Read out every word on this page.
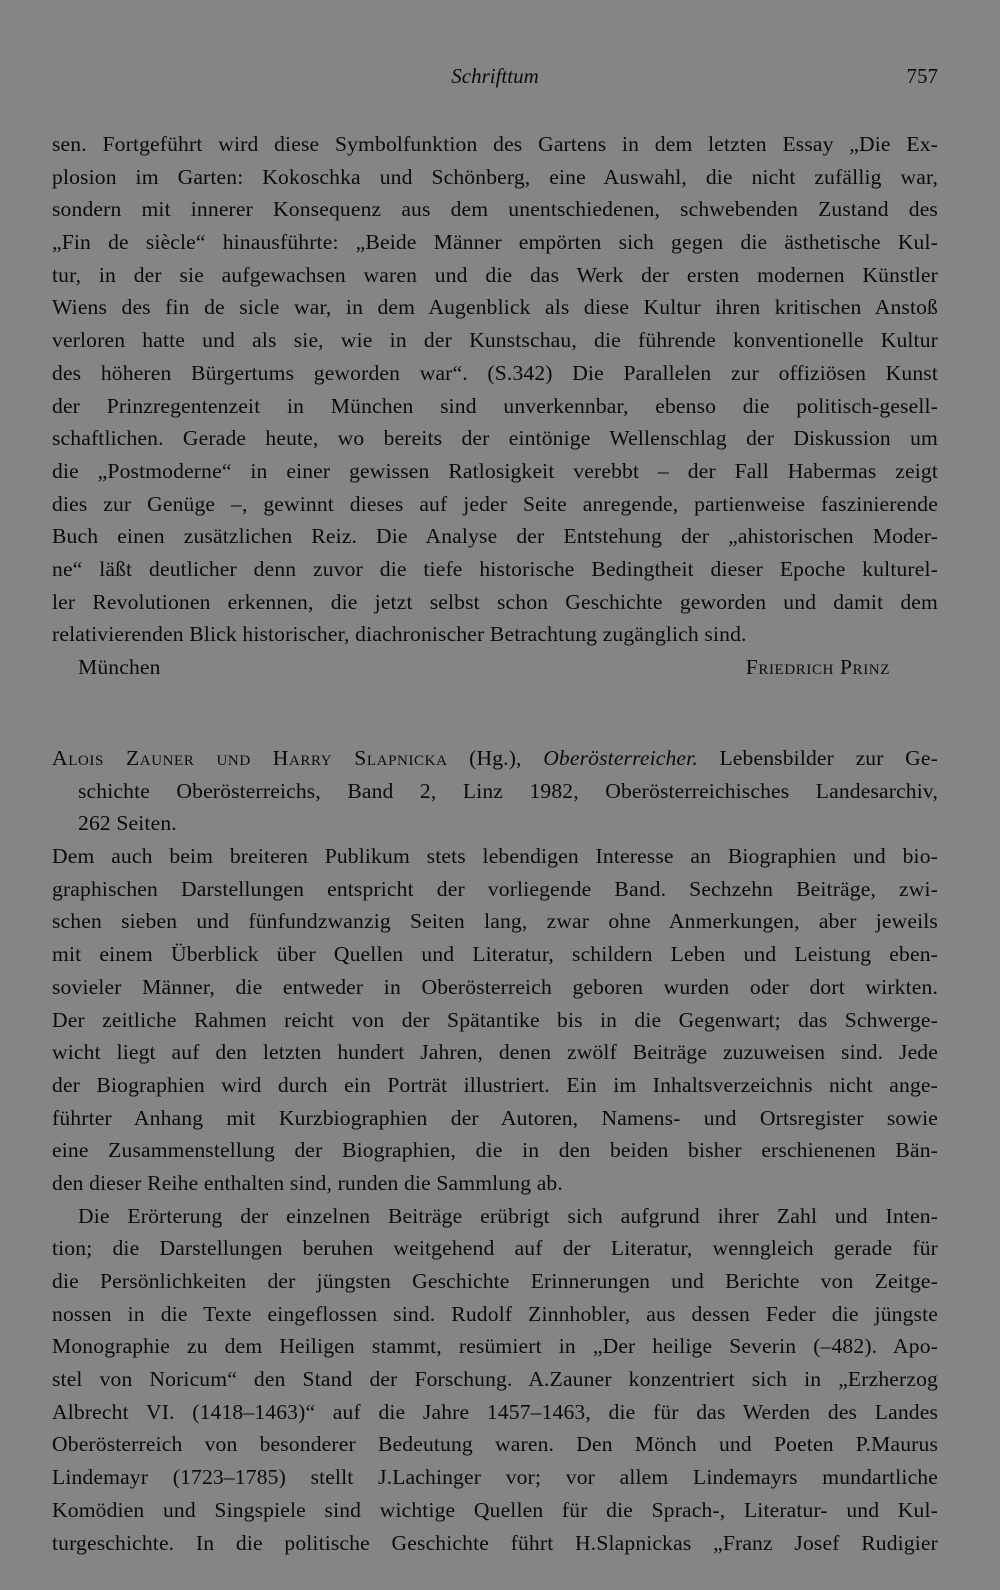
Schrifttum	757
sen. Fortgeführt wird diese Symbolfunktion des Gartens in dem letzten Essay „Die Ex-
plosion im Garten: Kokoschka und Schönberg, eine Auswahl, die nicht zufällig war,
sondern mit innerer Konsequenz aus dem unentschiedenen, schwebenden Zustand des
„Fin de siècle“ hinausführte: „Beide Männer empörten sich gegen die ästhetische Kul-
tur, in der sie aufgewachsen waren und die das Werk der ersten modernen Künstler
Wiens des fin de sicle war, in dem Augenblick als diese Kultur ihren kritischen Anstoß
verloren hatte und als sie, wie in der Kunstschau, die führende konventionelle Kultur
des höheren Bürgertums geworden war“. (S.342) Die Parallelen zur offiziösen Kunst
der Prinzregentenzeit in München sind unverkennbar, ebenso die politisch-gesell-
schaftlichen. Gerade heute, wo bereits der eintönige Wellenschlag der Diskussion um
die „Postmoderne“ in einer gewissen Ratlosigkeit verebbt – der Fall Habermas zeigt
dies zur Genüge –, gewinnt dieses auf jeder Seite anregende, partienweise faszinierende
Buch einen zusätzlichen Reiz. Die Analyse der Entstehung der „ahistorischen Moder-
ne“ läßt deutlicher denn zuvor die tiefe historische Bedingtheit dieser Epoche kulturel-
ler Revolutionen erkennen, die jetzt selbst schon Geschichte geworden und damit dem
relativierenden Blick historischer, diachronischer Betrachtung zugänglich sind.
München	Friedrich Prinz
Alois Zauner und Harry Slapnicka (Hg.), Oberösterreicher. Lebensbilder zur Ge-
schichte Oberösterreichs, Band 2, Linz 1982, Oberösterreichisches Landesarchiv,
262 Seiten.
Dem auch beim breiteren Publikum stets lebendigen Interesse an Biographien und bio-
graphischen Darstellungen entspricht der vorliegende Band. Sechzehn Beiträge, zwi-
schen sieben und fünfundzwanzig Seiten lang, zwar ohne Anmerkungen, aber jeweils
mit einem Überblick über Quellen und Literatur, schildern Leben und Leistung eben-
sovieler Männer, die entweder in Oberösterreich geboren wurden oder dort wirkten.
Der zeitliche Rahmen reicht von der Spätantike bis in die Gegenwart; das Schwerge-
wicht liegt auf den letzten hundert Jahren, denen zwölf Beiträge zuzuweisen sind. Jede
der Biographien wird durch ein Porträt illustriert. Ein im Inhaltsverzeichnis nicht ange-
führter Anhang mit Kurzbiographien der Autoren, Namens- und Ortsregister sowie
eine Zusammenstellung der Biographien, die in den beiden bisher erschienenen Bän-
den dieser Reihe enthalten sind, runden die Sammlung ab.
Die Erörterung der einzelnen Beiträge erübrigt sich aufgrund ihrer Zahl und Inten-
tion; die Darstellungen beruhen weitgehend auf der Literatur, wenngleich gerade für
die Persönlichkeiten der jüngsten Geschichte Erinnerungen und Berichte von Zeitge-
nossen in die Texte eingeflossen sind. Rudolf Zinnhobler, aus dessen Feder die jüngste
Monographie zu dem Heiligen stammt, resümiert in „Der heilige Severin (–482). Apo-
stel von Noricum“ den Stand der Forschung. A.Zauner konzentriert sich in „Erzherzog
Albrecht VI. (1418–1463)“ auf die Jahre 1457–1463, die für das Werden des Landes
Oberösterreich von besonderer Bedeutung waren. Den Mönch und Poeten P.Maurus
Lindemayr (1723–1785) stellt J.Lachinger vor; vor allem Lindemayrs mundartliche
Komödien und Singspiele sind wichtige Quellen für die Sprach-, Literatur- und Kul-
turgeschichte. In die politische Geschichte führt H.Slapnickas „Franz Josef Rudigier
